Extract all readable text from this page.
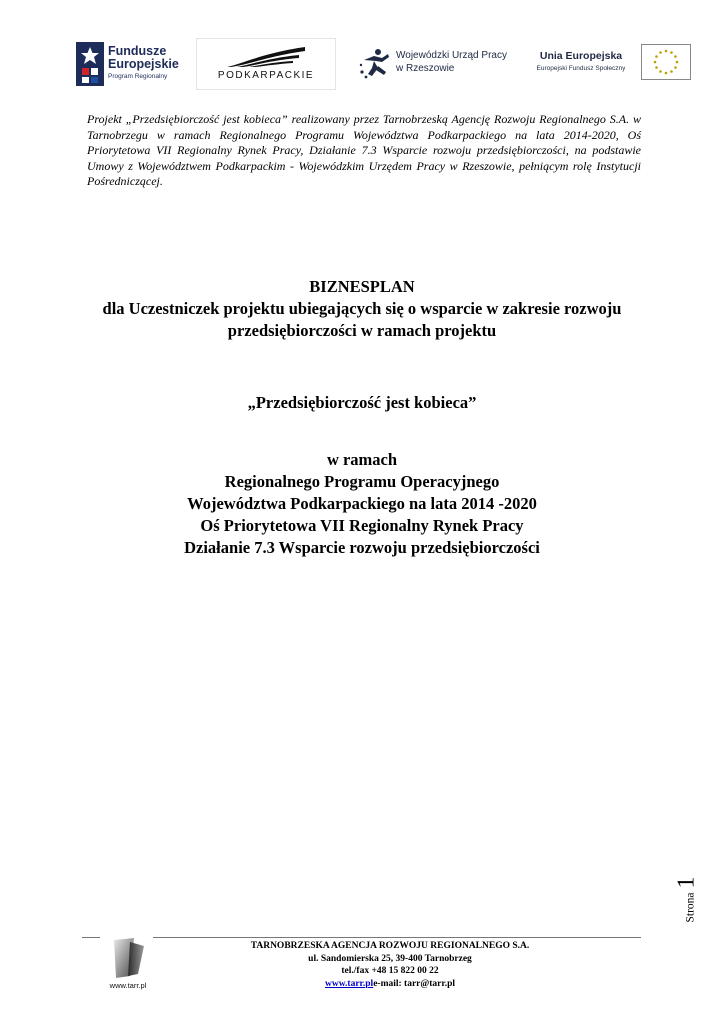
Fundusze
Europejskie
Program Regionalny	PODKARPACKIE
Wojewódzki Urząd Pracy
w Rzeszowie
Unia Europejska
Europejski Fundusz Społeczny

Projekt „Przedsiębiorczość jest kobieca” realizowany przez Tarnobrzeską Agencję Rozwoju Regionalnego S.A. w Tarnobrzegu w ramach Regionalnego Programu Województwa Podkarpackiego na lata 2014-2020, Oś Priorytetowa VII Regionalny Rynek Pracy, Działanie 7.3 Wsparcie rozwoju przedsiębiorczości, na podstawie Umowy z Województwem Podkarpackim - Wojewódzkim Urzędem Pracy w Rzeszowie, pełniącym rolę Instytucji Pośredniczącej.

BIZNESPLAN

dla Uczestniczek projektu ubiegających się o wsparcie w zakresie rozwoju

przedsiębiorczości w ramach projektu

„Przedsiębiorczość jest kobieca”

w ramach

Regionalnego Programu Operacyjnego

Województwa Podkarpackiego na lata 2014 -2020

Oś Priorytetowa VII Regionalny Rynek Pracy

Działanie 7.3 Wsparcie rozwoju przedsiębiorczości

Strona 1
www.tarr.pl

TARNOBRZESKA AGENCJA ROZWOJU REGIONALNEGO S.A.

ul. Sandomierska 25, 39-400 Tarnobrzeg

tel./fax +48 15 822 00 22

www.tarr.ple-mail: tarr@tarr.pl
